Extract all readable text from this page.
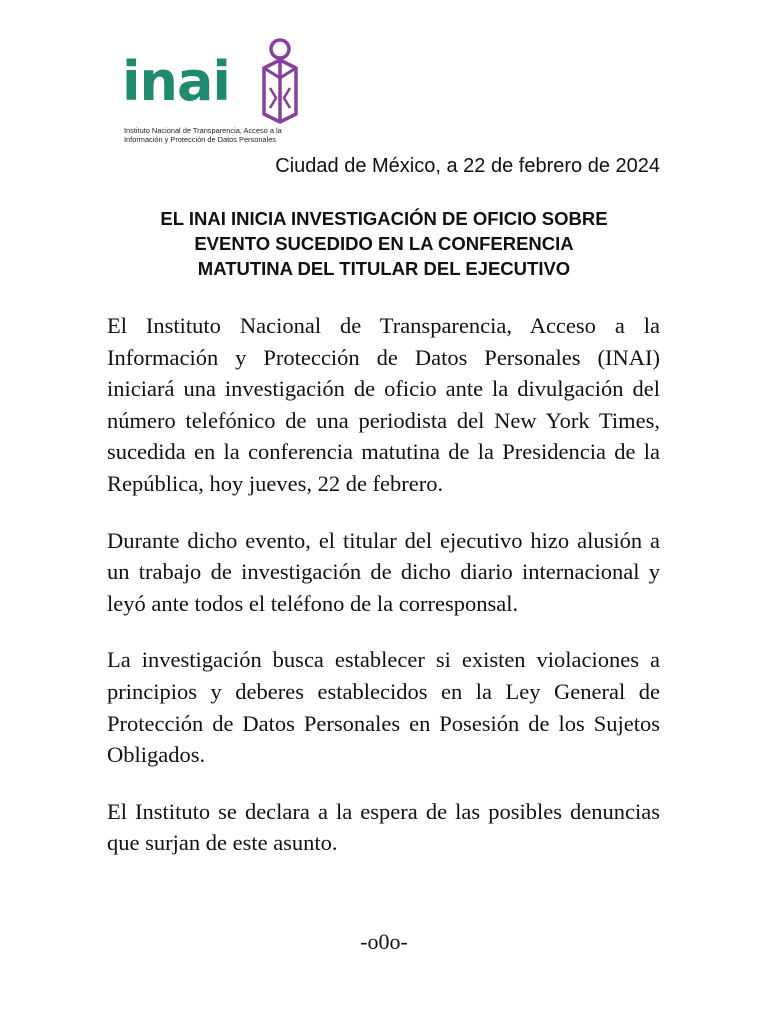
inai
Instituto Nacional de Transparencia, Acceso a la
Información y Protección de Datos Personales
Ciudad de México, a 22 de febrero de 2024
EL INAI INICIA INVESTIGACIÓN DE OFICIO SOBRE
EVENTO SUCEDIDO EN LA CONFERENCIA
MATUTINA DEL TITULAR DEL EJECUTIVO

El Instituto Nacional de Transparencia, Acceso a la Información y Protección de Datos Personales (INAI) iniciará una investigación de oficio ante la divulgación del número telefónico de una periodista del New York Times, sucedida en la conferencia matutina de la Presidencia de la República, hoy jueves, 22 de febrero.

Durante dicho evento, el titular del ejecutivo hizo alusión a un trabajo de investigación de dicho diario internacional y leyó ante todos el teléfono de la corresponsal.

La investigación busca establecer si existen violaciones a principios y deberes establecidos en la Ley General de Protección de Datos Personales en Posesión de los Sujetos Obligados.

El Instituto se declara a la espera de las posibles denuncias que surjan de este asunto.

-o0o-
